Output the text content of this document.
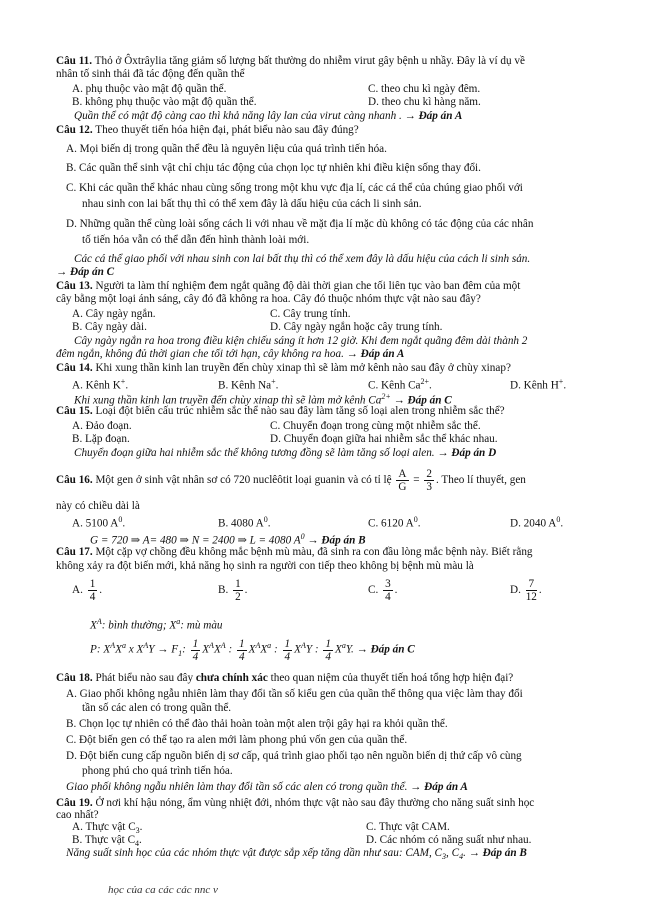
Câu 11. Thỏ ở Ôxtrâylia tăng giảm số lượng bất thường do nhiễm virut gây bệnh u nhầy. Đây là ví dụ về
nhân tố sinh thái đã tác động đến quần thể
A. phụ thuộc vào mật độ quần thể.	C. theo chu kì ngày đêm.
B. không phụ thuộc vào mật độ quần thể.	D. theo chu kì hàng năm.
Quần thể có mật độ càng cao thì khả năng lây lan của virut càng nhanh . → Đáp án A
Câu 12. Theo thuyết tiến hóa hiện đại, phát biểu nào sau đây đúng?
A. Mọi biến dị trong quần thể đều là nguyên liệu của quá trình tiến hóa.
B. Các quần thể sinh vật chỉ chịu tác động của chọn lọc tự nhiên khi điều kiện sống thay đổi.
C. Khi các quần thể khác nhau cùng sống trong một khu vực địa lí, các cá thể của chúng giao phối với
nhau sinh con lai bất thụ thì có thể xem đây là dấu hiệu của cách li sinh sản.
D. Những quần thể cùng loài sống cách li với nhau về mặt địa lí mặc dù không có tác động của các nhân
tố tiến hóa vẫn có thể dẫn đến hình thành loài mới.
Các cá thể giao phối với nhau sinh con lai bất thụ thì có thể xem đây là dấu hiệu của cách li sinh sản.
→ Đáp án C
Câu 13. Người ta làm thí nghiệm đem ngắt quãng độ dài thời gian che tối liên tục vào ban đêm của một
cây bằng một loại ánh sáng, cây đó đã không ra hoa. Cây đó thuộc nhóm thực vật nào sau đây?
A. Cây ngày ngắn.	C. Cây trung tính.
B. Cây ngày dài.	D. Cây ngày ngắn hoặc cây trung tính.
Cây ngày ngắn ra hoa trong điều kiện chiếu sáng ít hơn 12 giờ. Khi đem ngắt quãng đêm dài thành 2
đêm ngắn, không đủ thời gian che tối tới hạn, cây không ra hoa. → Đáp án A
Câu 14. Khi xung thần kinh lan truyền đến chùy xinap thì sẽ làm mở kênh nào sau đây ở chùy xinap?
A. Kênh K+.	B. Kênh Na+.	C. Kênh $Ca^{2+}$.	D. Kênh H+.
Khi xung thần kinh lan truyền đến chùy xinap thì sẽ làm mở kênh $Ca^{2+}$ → Đáp án C
Câu 15. Loại đột biến cấu trúc nhiễm sắc thể nào sau đây làm tăng số loại alen trong nhiễm sắc thể?
A. Đảo đoạn.	C. Chuyển đoạn trong cùng một nhiễm sắc thể.
B. Lặp đoạn.	D. Chuyển đoạn giữa hai nhiễm sắc thể khác nhau.
Chuyển đoạn giữa hai nhiễm sắc thể không tương đồng sẽ làm tăng số loại alen. → Đáp án D
Câu 16. Một gen ở sinh vật nhân sơ có 720 nuclêôtit loại guanin và có tỉ lệ $\frac{A}{G} = \frac{2}{3}$ . Theo lí thuyết, gen
này có chiều dài là
A. 5100 $A^0$.	B. 4080 $A^0$.	C. 6120 $A^0$.	D. 2040 $A^0$.
G = 720 ⇒ A= 480 ⇒ N = 2400 ⇒ L = 4080 $A^0$ → Đáp án B
Câu 17. Một cặp vợ chồng đều không mắc bệnh mù màu, đã sinh ra con đầu lòng mắc bệnh này. Biết rằng
không xảy ra đột biến mới, khả năng họ sinh ra người con tiếp theo không bị bệnh mù màu là
A. $\frac{1}{4}$ .	B. $\frac{1}{2}$ .	C. $\frac{3}{4}$ .	D. $\frac{7}{12}$ .
$X^A$: bình thường; $X^a$: mù màu
P: $X^AX^a$ x $X^AY \to F_1$: $\frac{1}{4} X^AX^A$ : $\frac{1}{4} X^AX^a$ : $\frac{1}{4} X^AY$ : $\frac{1}{4} X^aY$. → Đáp án C
Câu 18. Phát biểu nào sau đây chưa chính xác theo quan niệm của thuyết tiến hoá tổng hợp hiện đại?
A. Giao phối không ngẫu nhiên làm thay đổi tần số kiểu gen của quần thể thông qua việc làm thay đổi
tần số các alen có trong quần thể.
B. Chọn lọc tự nhiên có thể đào thải hoàn toàn một alen trội gây hại ra khỏi quần thể.
C. Đột biến gen có thể tạo ra alen mới làm phong phú vốn gen của quần thể.
D. Đột biến cung cấp nguồn biến dị sơ cấp, quá trình giao phối tạo nên nguồn biến dị thứ cấp vô cùng
phong phú cho quá trình tiến hóa.
Giao phối không ngẫu nhiên làm thay đổi tần số các alen có trong quần thể. → Đáp án A
Câu 19. Ở nơi khí hậu nóng, ẩm vùng nhiệt đới, nhóm thực vật nào sau đây thường cho năng suất sinh học
cao nhất?
A. Thực vật $C_3$.	C. Thực vật CAM.
B. Thực vật $C_4$.	D. Các nhóm có năng suất như nhau.
Năng suất sinh học của các nhóm thực vật được sắp xếp tăng dần như sau: CAM, $C_3$, $C_4$. → Đáp án B
học của ca các các nnc v
